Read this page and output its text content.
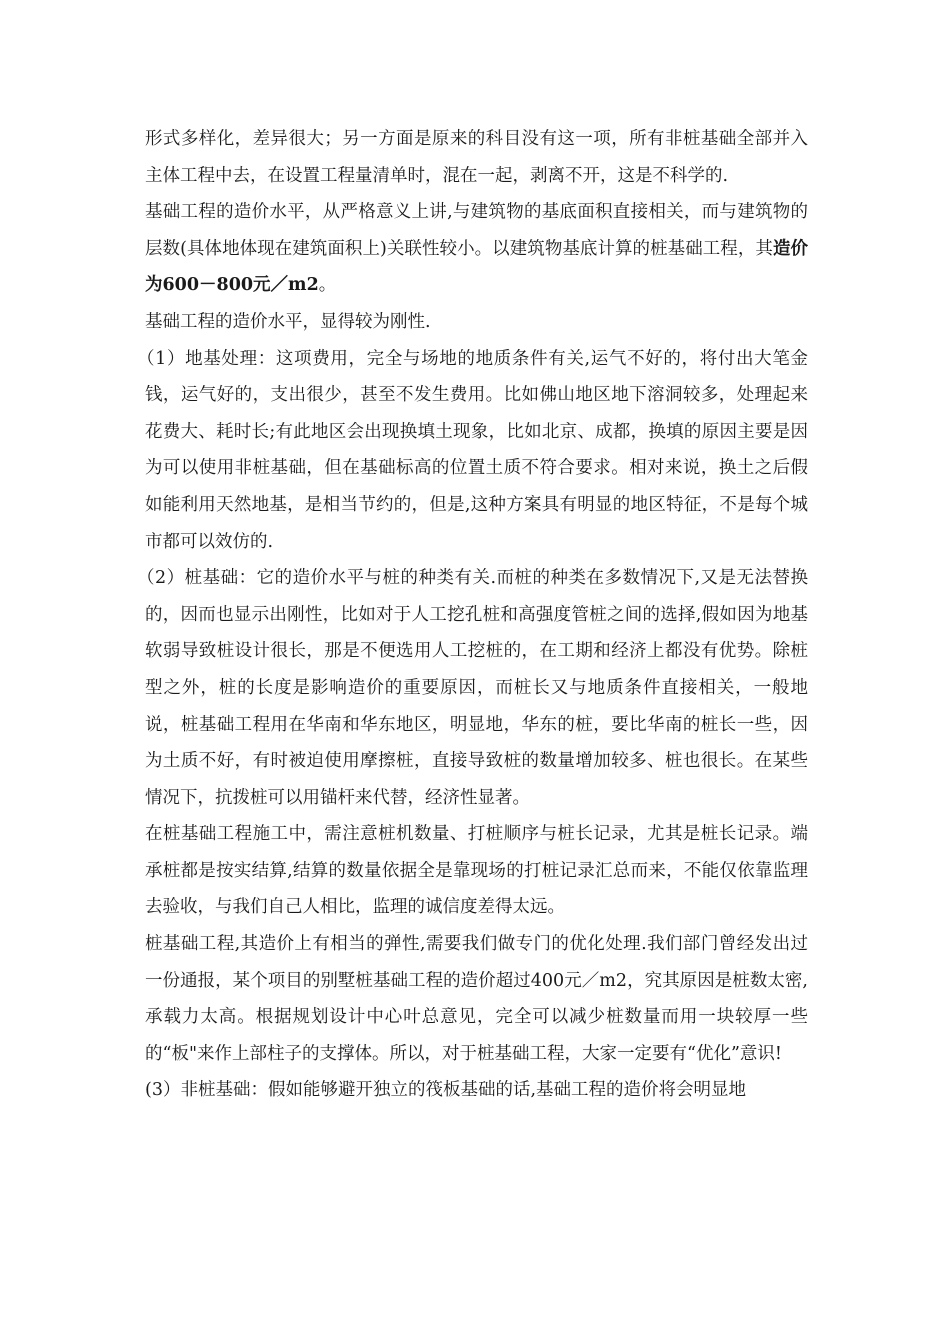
形式多样化，差异很大；另一方面是原来的科目没有这一项，所有非桩基础全部并入主体工程中去，在设置工程量清单时，混在一起，剥离不开，这是不科学的.

基础工程的造价水平，从严格意义上讲,与建筑物的基底面积直接相关，而与建筑物的层数(具体地体现在建筑面积上)关联性较小。以建筑物基底计算的桩基础工程，其造价为600－800元／m2。

基础工程的造价水平，显得较为刚性.

（1）地基处理：这项费用，完全与场地的地质条件有关,运气不好的，将付出大笔金钱，运气好的，支出很少，甚至不发生费用。比如佛山地区地下溶洞较多，处理起来花费大、耗时长;有此地区会出现换填土现象，比如北京、成都，换填的原因主要是因为可以使用非桩基础，但在基础标高的位置土质不符合要求。相对来说，换土之后假如能利用天然地基，是相当节约的，但是,这种方案具有明显的地区特征，不是每个城市都可以效仿的.

（2）桩基础：它的造价水平与桩的种类有关.而桩的种类在多数情况下,又是无法替换的，因而也显示出刚性，比如对于人工挖孔桩和高强度管桩之间的选择,假如因为地基软弱导致桩设计很长，那是不便选用人工挖桩的，在工期和经济上都没有优势。除桩型之外，桩的长度是影响造价的重要原因，而桩长又与地质条件直接相关，一般地说，桩基础工程用在华南和华东地区，明显地，华东的桩，要比华南的桩长一些，因为土质不好，有时被迫使用摩擦桩，直接导致桩的数量增加较多、桩也很长。在某些情况下，抗拨桩可以用锚杆来代替，经济性显著。

在桩基础工程施工中，需注意桩机数量、打桩顺序与桩长记录，尤其是桩长记录。端承桩都是按实结算,结算的数量依据全是靠现场的打桩记录汇总而来，不能仅依靠监理去验收，与我们自己人相比，监理的诚信度差得太远。

桩基础工程,其造价上有相当的弹性,需要我们做专门的优化处理.我们部门曾经发出过一份通报，某个项目的别墅桩基础工程的造价超过400元／m2，究其原因是桩数太密,承载力太高。根据规划设计中心叶总意见，完全可以减少桩数量而用一块较厚一些的“板"来作上部柱子的支撑体。所以，对于桩基础工程，大家一定要有“优化”意识!

(3）非桩基础：假如能够避开独立的筏板基础的话,基础工程的造价将会明显地
